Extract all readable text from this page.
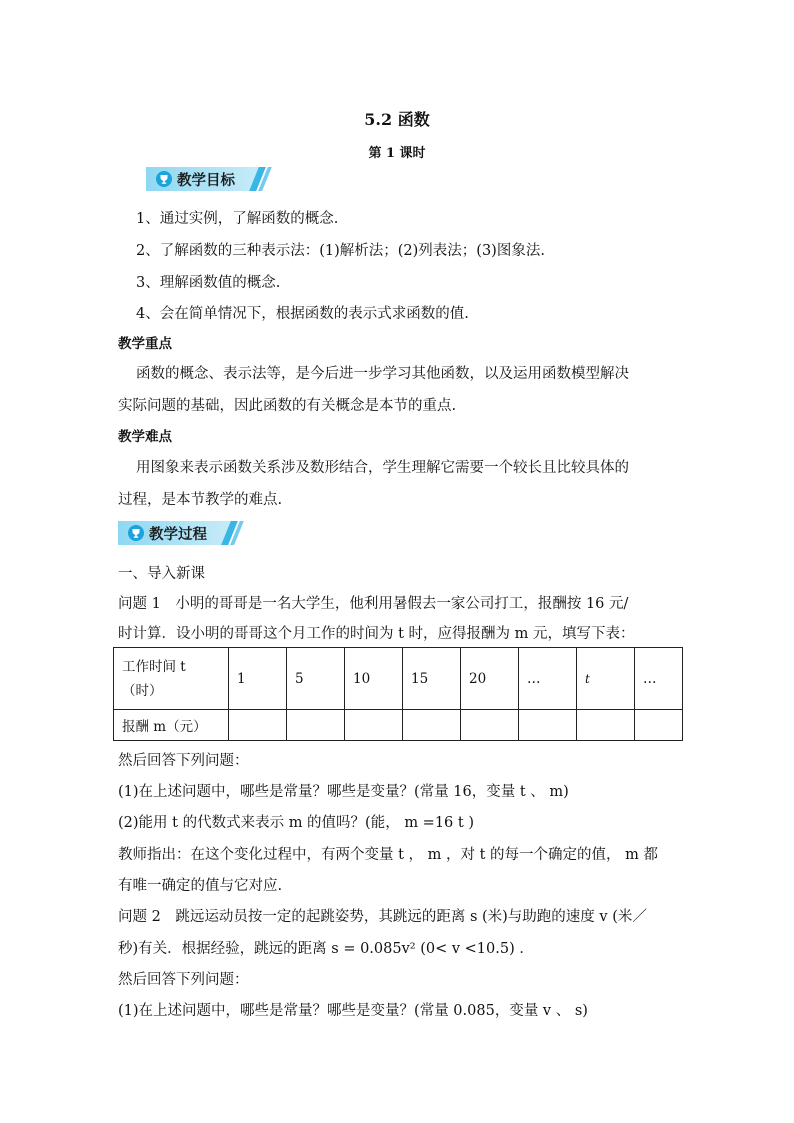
5.2 函数
第 1 课时
教学目标
1、通过实例，了解函数的概念.
2、了解函数的三种表示法：(1)解析法；(2)列表法；(3)图象法.
3、理解函数值的概念.
4、会在简单情况下，根据函数的表示式求函数的值.
教学重点
函数的概念、表示法等，是今后进一步学习其他函数，以及运用函数模型解决
实际问题的基础，因此函数的有关概念是本节的重点.
教学难点
用图象来表示函数关系涉及数形结合，学生理解它需要一个较长且比较具体的
过程，是本节教学的难点.
教学过程
一、导入新课
问题 1　小明的哥哥是一名大学生，他利用暑假去一家公司打工，报酬按 16 元/
时计算．设小明的哥哥这个月工作的时间为 t 时，应得报酬为 m 元，填写下表：
工作时间 t
（时）	1	5	10	15	20	…	t	…
报酬 m（元）								
然后回答下列问题：
(1)在上述问题中，哪些是常量？哪些是变量？(常量 16，变量 t 、 m)
(2)能用 t 的代数式来表示 m 的值吗？(能， m =16 t )
教师指出：在这个变化过程中，有两个变量 t ， m ，对 t 的每一个确定的值， m 都
有唯一确定的值与它对应.
问题 2　跳远运动员按一定的起跳姿势，其跳远的距离 s (米)与助跑的速度 v (米／
秒)有关．根据经验，跳远的距离 s = 0.085v² (0< v <10.5) ．
然后回答下列问题：
(1)在上述问题中，哪些是常量？哪些是变量？(常量 0.085，变量 v 、 s)
